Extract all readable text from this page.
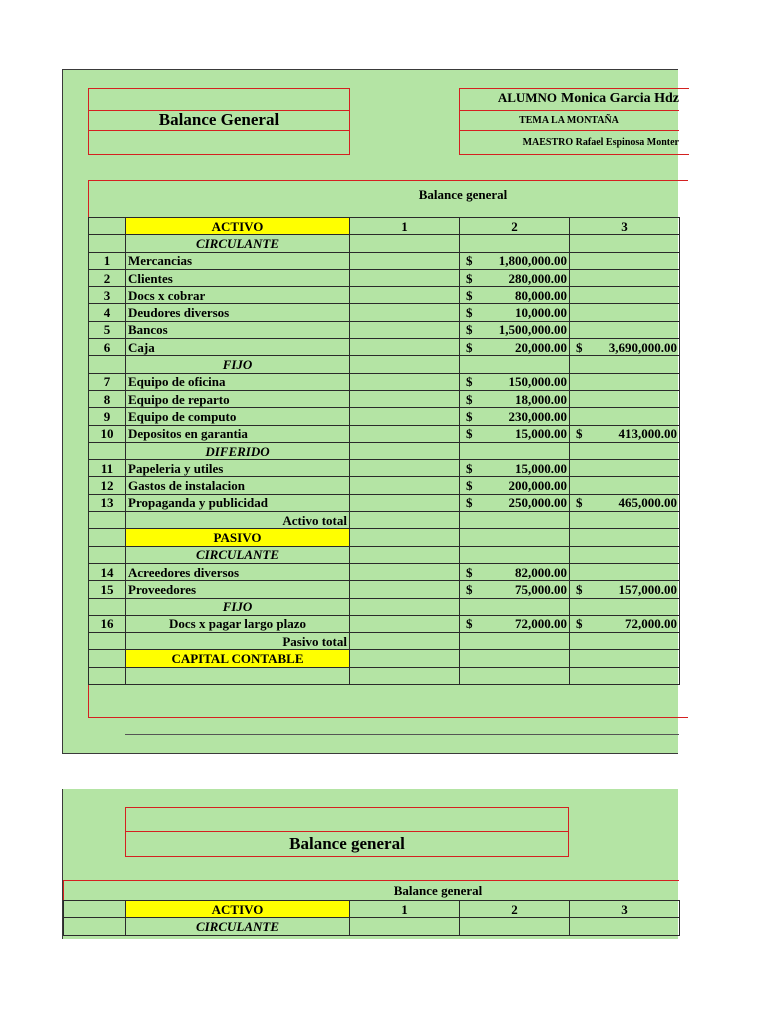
Balance General
ALUMNO Monica Garcia Hdz
TEMA LA MONTAÑA
MAESTRO Rafael Espinosa Monter
Balance general
	ACTIVO	1	2	3
	CIRCULANTE			
1	Mercancias		$ 1,800,000.00	

2	Clientes		$ 280,000.00	

3	Docs x cobrar		$ 80,000.00	

4	Deudores diversos		$ 10,000.00	

5	Bancos		$ 1,500,000.00	

6	Caja		$ 20,000.00	$ 3,690,000.00

	FIJO			
7	Equipo de oficina		$ 150,000.00	

8	Equipo de reparto		$ 18,000.00	

9	Equipo de computo		$ 230,000.00	

10	Depositos en garantia		$ 15,000.00	$ 413,000.00

	DIFERIDO			
11	Papeleria y utiles		$ 15,000.00	

12	Gastos de instalacion		$ 200,000.00	

13	Propaganda y publicidad		$ 250,000.00	$ 465,000.00

	Activo total			
	PASIVO			
	CIRCULANTE			
14	Acreedores diversos		$ 82,000.00	

15	Proveedores		$ 75,000.00	$ 157,000.00

	FIJO			
16	Docs x pagar largo plazo		$ 72,000.00	$ 72,000.00

	Pasivo total			
	CAPITAL CONTABLE			

Balance general
Balance general
	ACTIVO	1	2	3
	CIRCULANTE			
